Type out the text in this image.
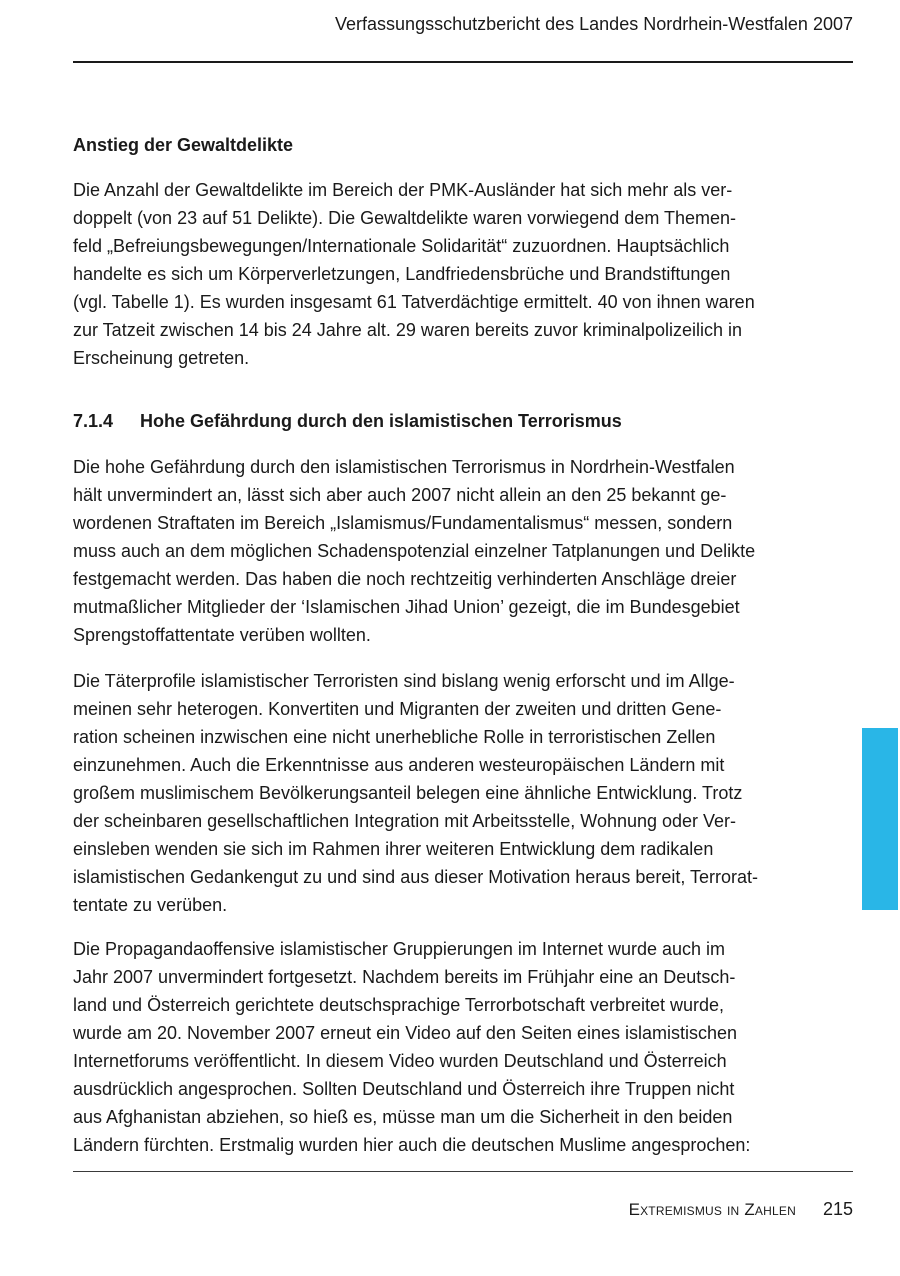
Verfassungsschutzbericht des Landes Nordrhein-Westfalen 2007
Anstieg der Gewaltdelikte
Die Anzahl der Gewaltdelikte im Bereich der PMK-Ausländer hat sich mehr als ver-
doppelt (von 23 auf 51 Delikte). Die Gewaltdelikte waren vorwiegend dem Themen-
feld „Befreiungsbewegungen/Internationale Solidarität“ zuzuordnen. Hauptsächlich
handelte es sich um Körperverletzungen, Landfriedensbrüche und Brandstiftungen
(vgl. Tabelle 1). Es wurden insgesamt 61 Tatverdächtige ermittelt. 40 von ihnen waren
zur Tatzeit zwischen 14 bis 24 Jahre alt. 29 waren bereits zuvor kriminalpolizeilich in
Erscheinung getreten.
7.1.4 Hohe Gefährdung durch den islamistischen Terrorismus
Die hohe Gefährdung durch den islamistischen Terrorismus in Nordrhein-Westfalen
hält unvermindert an, lässt sich aber auch 2007 nicht allein an den 25 bekannt ge-
wordenen Straftaten im Bereich „Islamismus/Fundamentalismus“ messen, sondern
muss auch an dem möglichen Schadenspotenzial einzelner Tatplanungen und Delikte
festgemacht werden. Das haben die noch rechtzeitig verhinderten Anschläge dreier
mutmaßlicher Mitglieder der ‘Islamischen Jihad Union’ gezeigt, die im Bundesgebiet
Sprengstoffattentate verüben wollten.
Die Täterprofile islamistischer Terroristen sind bislang wenig erforscht und im Allge-
meinen sehr heterogen. Konvertiten und Migranten der zweiten und dritten Gene-
ration scheinen inzwischen eine nicht unerhebliche Rolle in terroristischen Zellen
einzunehmen. Auch die Erkenntnisse aus anderen westeuropäischen Ländern mit
großem muslimischem Bevölkerungsanteil belegen eine ähnliche Entwicklung. Trotz
der scheinbaren gesellschaftlichen Integration mit Arbeitsstelle, Wohnung oder Ver-
einsleben wenden sie sich im Rahmen ihrer weiteren Entwicklung dem radikalen
islamistischen Gedankengut zu und sind aus dieser Motivation heraus bereit, Terrorat-
tentate zu verüben.
Die Propagandaoffensive islamistischer Gruppierungen im Internet wurde auch im
Jahr 2007 unvermindert fortgesetzt. Nachdem bereits im Frühjahr eine an Deutsch-
land und Österreich gerichtete deutschsprachige Terrorbotschaft verbreitet wurde,
wurde am 20. November 2007 erneut ein Video auf den Seiten eines islamistischen
Internetforums veröffentlicht. In diesem Video wurden Deutschland und Österreich
ausdrücklich angesprochen. Sollten Deutschland und Österreich ihre Truppen nicht
aus Afghanistan abziehen, so hieß es, müsse man um die Sicherheit in den beiden
Ländern fürchten. Erstmalig wurden hier auch die deutschen Muslime angesprochen:
Extremismus in Zahlen 215
